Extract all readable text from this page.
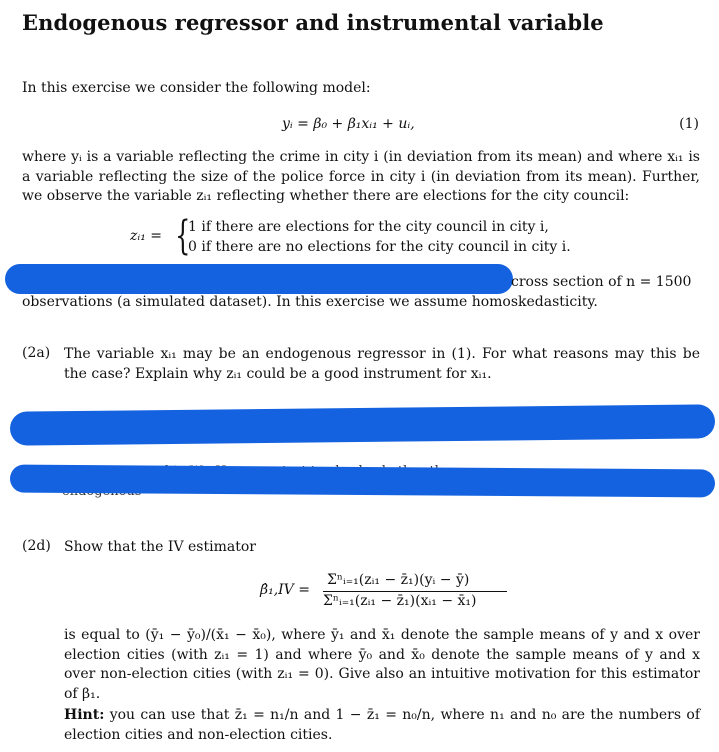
Endogenous regressor and instrumental variable
In this exercise we consider the following model:
yᵢ = β₀ + β₁xᵢ₁ + uᵢ,	(1)
where yᵢ is a variable reflecting the crime in city i (in deviation from its mean) and where xᵢ₁ is a variable reflecting the size of the police force in city i (in deviation from its mean). Further, we observe the variable zᵢ₁ reflecting whether there are elections for the city council:
zᵢ₁ = {
1 if there are elections for the city council in city i,
0 if there are no elections for the city council in city i.
cross section of n = 1500
observations (a simulated dataset). In this exercise we assume homoskedasticity.
(2a) The variable xᵢ₁ may be an endogenous regressor in (1). For what reasons may this be the case? Explain why zᵢ₁ could be a good instrument for xᵢ₁.
(2d) Show that the IV estimator
β̂₁,IV =
Σⁿᵢ₌₁(zᵢ₁ − z̄₁)(yᵢ − ȳ)
Σⁿᵢ₌₁(zᵢ₁ − z̄₁)(xᵢ₁ − x̄₁)
is equal to (ȳ₁ − ȳ₀)/(x̄₁ − x̄₀), where ȳ₁ and x̄₁ denote the sample means of y and x over election cities (with zᵢ₁ = 1) and where ȳ₀ and x̄₀ denote the sample means of y and x over non-election cities (with zᵢ₁ = 0). Give also an intuitive motivation for this estimator of β₁.
Hint: you can use that z̄₁ = n₁/n and 1 − z̄₁ = n₀/n, where n₁ and n₀ are the numbers of election cities and non-election cities.
